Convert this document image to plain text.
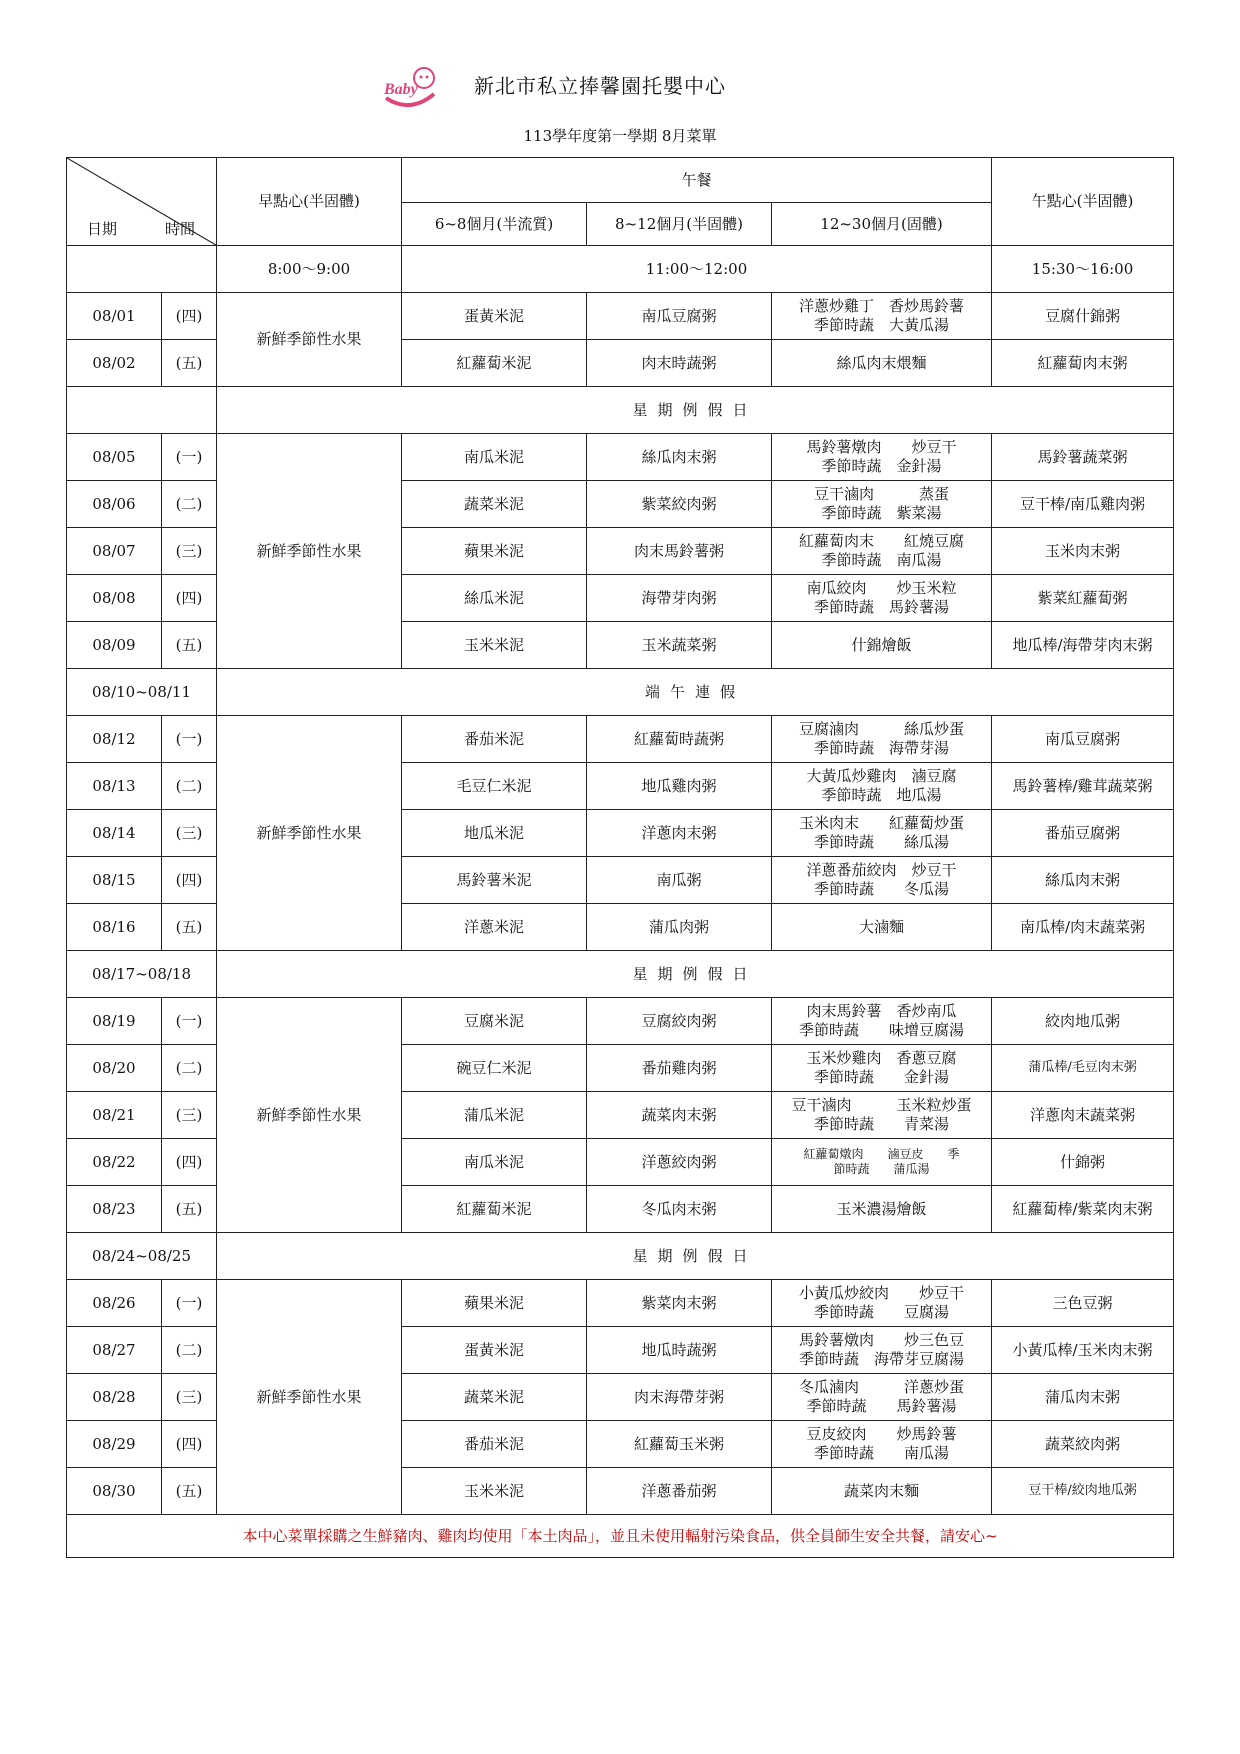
Baby	新北市私立捧馨園托嬰中心
113學年度第一學期 8月菜單
日期 時間		早點心(半固體)	午餐			午點心(半固體)
			6~8個月(半流質)	8~12個月(半固體)	12~30個月(固體)	
		8:00～9:00	11:00～12:00			15:30～16:00
08/01	(四)	新鮮季節性水果	蛋黃米泥	南瓜豆腐粥	洋蔥炒雞丁　香炒馬鈴薯
季節時蔬　大黃瓜湯	豆腐什錦粥
08/02	(五)		紅蘿蔔米泥	肉末時蔬粥	絲瓜肉末煨麵	紅蘿蔔肉末粥
		星期例假日				
08/05	(一)	新鮮季節性水果	南瓜米泥	絲瓜肉末粥	馬鈴薯燉肉　　炒豆干
季節時蔬　金針湯	馬鈴薯蔬菜粥
08/06	(二)		蔬菜米泥	紫菜絞肉粥	豆干滷肉　　　蒸蛋
季節時蔬　紫菜湯	豆干棒/南瓜雞肉粥
08/07	(三)		蘋果米泥	肉末馬鈴薯粥	紅蘿蔔肉末　　紅燒豆腐
季節時蔬　南瓜湯	玉米肉末粥
08/08	(四)		絲瓜米泥	海帶芽肉粥	南瓜絞肉　　炒玉米粒
季節時蔬　馬鈴薯湯	紫菜紅蘿蔔粥
08/09	(五)		玉米米泥	玉米蔬菜粥	什錦燴飯	地瓜棒/海帶芽肉末粥
08/10~08/11		端午連假				
08/12	(一)	新鮮季節性水果	番茄米泥	紅蘿蔔時蔬粥	豆腐滷肉　　　絲瓜炒蛋
季節時蔬　海帶芽湯	南瓜豆腐粥
08/13	(二)		毛豆仁米泥	地瓜雞肉粥	大黃瓜炒雞肉　滷豆腐
季節時蔬　地瓜湯	馬鈴薯棒/雞茸蔬菜粥
08/14	(三)		地瓜米泥	洋蔥肉末粥	玉米肉末　　紅蘿蔔炒蛋
季節時蔬　　絲瓜湯	番茄豆腐粥
08/15	(四)		馬鈴薯米泥	南瓜粥	洋蔥番茄絞肉　炒豆干
季節時蔬　　冬瓜湯	絲瓜肉末粥
08/16	(五)		洋蔥米泥	蒲瓜肉粥	大滷麵	南瓜棒/肉末蔬菜粥
08/17~08/18		星期例假日				
08/19	(一)	新鮮季節性水果	豆腐米泥	豆腐絞肉粥	肉末馬鈴薯　香炒南瓜
季節時蔬　　味增豆腐湯	絞肉地瓜粥
08/20	(二)		碗豆仁米泥	番茄雞肉粥	玉米炒雞肉　香蔥豆腐
季節時蔬　　金針湯	蒲瓜棒/毛豆肉末粥
08/21	(三)		蒲瓜米泥	蔬菜肉末粥	豆干滷肉　　　玉米粒炒蛋
季節時蔬　　青菜湯	洋蔥肉末蔬菜粥
08/22	(四)		南瓜米泥	洋蔥絞肉粥	紅蘿蔔燉肉　　滷豆皮　　季
節時蔬　　蒲瓜湯	什錦粥
08/23	(五)		紅蘿蔔米泥	冬瓜肉末粥	玉米濃湯燴飯	紅蘿蔔棒/紫菜肉末粥
08/24~08/25		星期例假日				
08/26	(一)	新鮮季節性水果	蘋果米泥	紫菜肉末粥	小黃瓜炒絞肉　　炒豆干
季節時蔬　　豆腐湯	三色豆粥
08/27	(二)		蛋黃米泥	地瓜時蔬粥	馬鈴薯燉肉　　炒三色豆
季節時蔬　海帶芽豆腐湯	小黃瓜棒/玉米肉末粥
08/28	(三)		蔬菜米泥	肉末海帶芽粥	冬瓜滷肉　　　洋蔥炒蛋
季節時蔬　　馬鈴薯湯	蒲瓜肉末粥
08/29	(四)		番茄米泥	紅蘿蔔玉米粥	豆皮絞肉　　炒馬鈴薯
季節時蔬　　南瓜湯	蔬菜絞肉粥
08/30	(五)		玉米米泥	洋蔥番茄粥	蔬菜肉末麵	豆干棒/絞肉地瓜粥
本中心菜單採購之生鮮豬肉、雞肉均使用「本土肉品」，並且未使用輻射污染食品，供全員師生安全共餐，請安心~						
